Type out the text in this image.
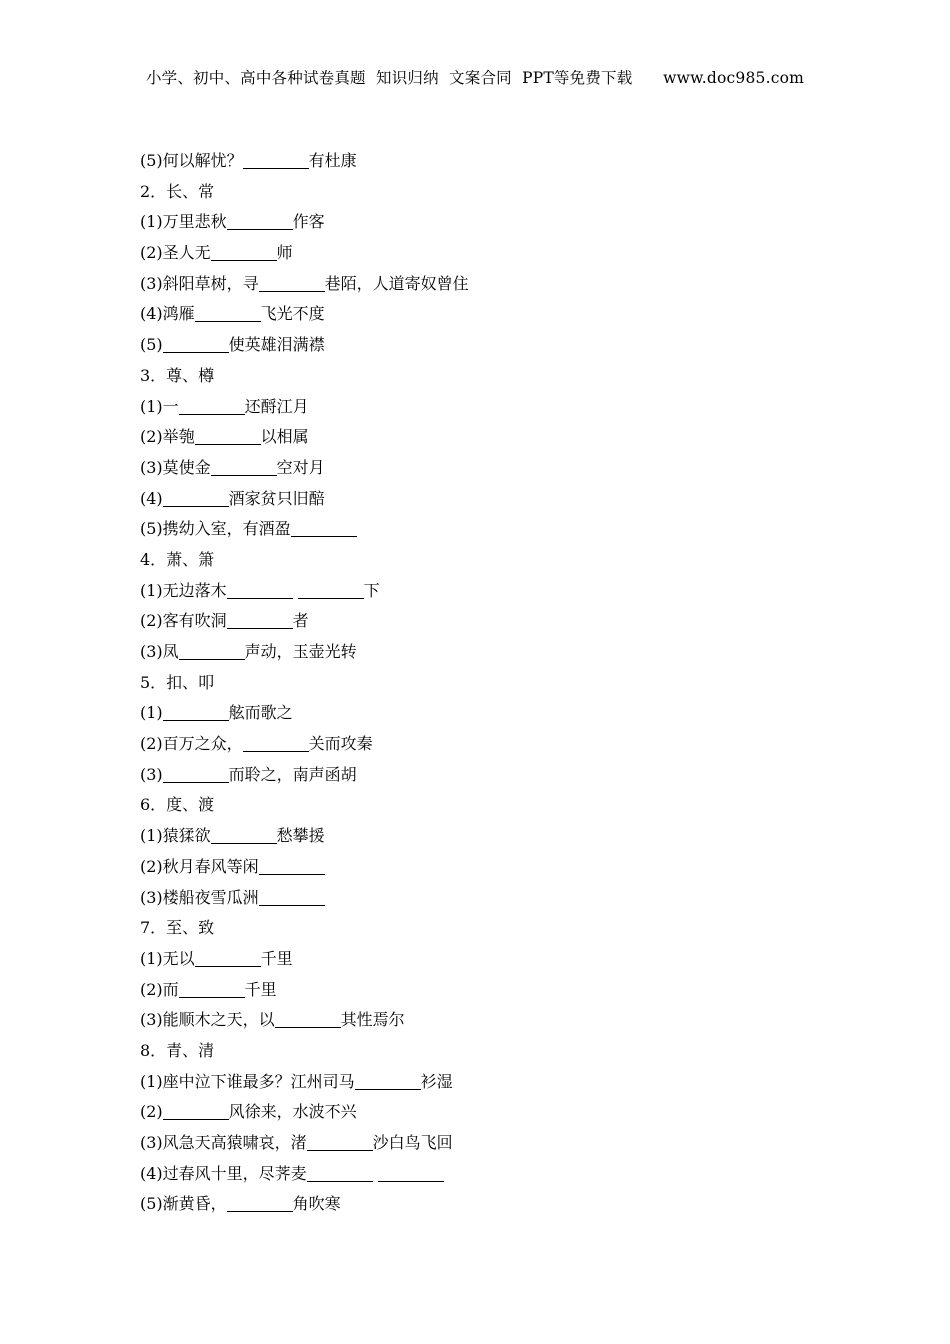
小学、初中、高中各种试卷真题  知识归纳  文案合同  PPT等免费下载      www.doc985.com
(5)何以解忧？	有杜康
2．长、常
(1)万里悲秋	作客
(2)圣人无	师
(3)斜阳草树，寻	巷陌，人道寄奴曾住
(4)鸿雁	飞光不度
(5)	使英雄泪满襟
3．尊、樽
(1)一	还酹江月
(2)举匏	以相属
(3)莫使金	空对月
(4)	酒家贫只旧醅
(5)携幼入室，有酒盈
4．萧、箫
(1)无边落木	下
(2)客有吹洞	者
(3)凤	声动，玉壶光转
5．扣、叩
(1)	舷而歌之
(2)百万之众，	关而攻秦
(3)	而聆之，南声函胡
6．度、渡
(1)猿猱欲	愁攀援
(2)秋月春风等闲
(3)楼船夜雪瓜洲
7．至、致
(1)无以	千里
(2)而	千里
(3)能顺木之天，以	其性焉尔
8．青、清
(1)座中泣下谁最多？江州司马	衫湿
(2)	风徐来，水波不兴
(3)风急天高猿啸哀，渚	沙白鸟飞回
(4)过春风十里，尽荠麦
(5)渐黄昏，	角吹寒
